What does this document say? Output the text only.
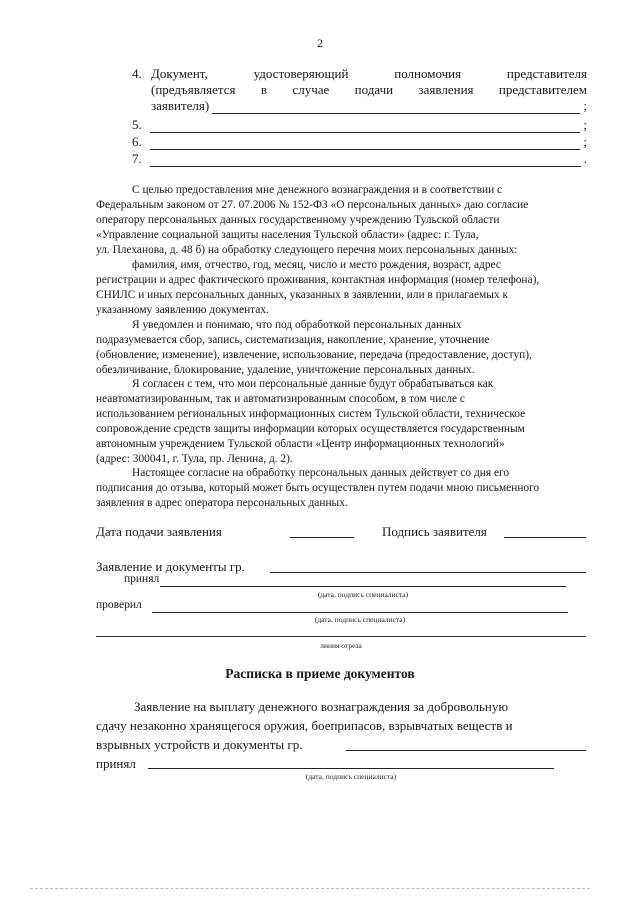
2
4. Документ, удостоверяющий полномочия представителя
(предъявляется в случае подачи заявления представителем
заявителя)	;
5.	;
6.	;
7.	.
С целью предоставления мне денежного вознаграждения и в соответствии с
Федеральным законом от 27. 07.2006 № 152-ФЗ «О персональных данных» даю согласие
оператору персональных данных государственному учреждению Тульской области
«Управление социальной защиты населения Тульской области» (адрес: г. Тула,
ул. Плеханова, д. 48 б) на обработку следующего перечня моих персональных данных:
фамилия, имя, отчество, год, месяц, число и место рождения, возраст, адрес
регистрации и адрес фактического проживания, контактная информация (номер телефона),
СНИЛС и иных персональных данных, указанных в заявлении, или в прилагаемых к
указанному заявлению документах.
Я уведомлен и понимаю, что под обработкой персональных данных
подразумевается сбор, запись, систематизация, накопление, хранение, уточнение
(обновление, изменение), извлечение, использование, передача (предоставление, доступ),
обезличивание, блокирование, удаление, уничтожение персональных данных.
Я согласен с тем, что мои персональные данные будут обрабатываться как
неавтоматизированным, так и автоматизированным способом, в том числе с
использованием региональных информационных систем Тульской области, техническое
сопровождение средств защиты информации которых осуществляется государственным
автономным учреждением Тульской области «Центр информационных технологий»
(адрес: 300041, г. Тула, пр. Ленина, д. 2).
Настоящее согласие на обработку персональных данных действует со дня его
подписания до отзыва, который может быть осуществлен путем подачи мною письменного
заявления в адрес оператора персональных данных.
Дата подачи заявления	Подпись заявителя
Заявление и документы гр.
принял
(дата, подпись специалиста)
проверил
(дата, подпись специалиста)
линия отреза
Расписка в приеме документов
Заявление на выплату денежного вознаграждения за добровольную
сдачу незаконно хранящегося оружия, боеприпасов, взрывчатых веществ и
взрывных устройств и документы гр.
принял
(дата, подпись специалиста)
